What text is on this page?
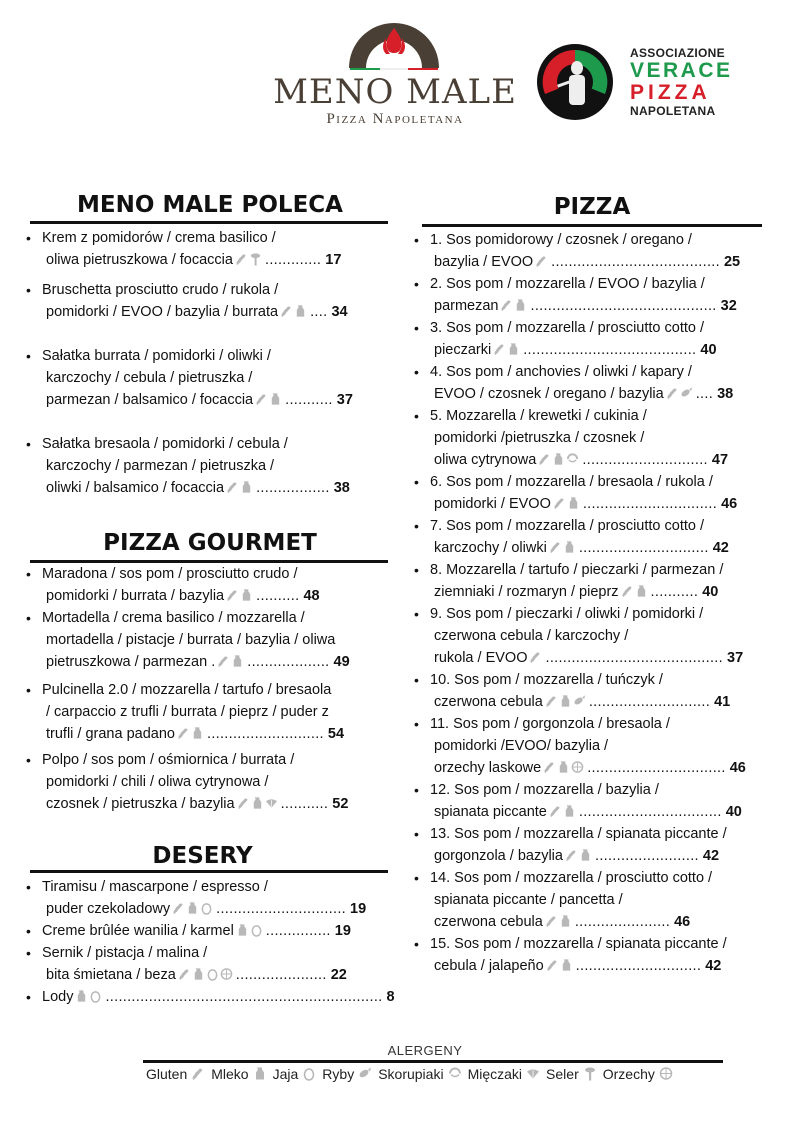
MENO MALE
Pizza Napoletana
ASSOCIAZIONE
VERACE
PIZZA
NAPOLETANA
MENO MALE POLECA
PIZZA GOURMET
DESERY
PIZZA
• Krem z pomidorów / crema basilico /
oliwa pietruszkowa / focaccia ............. 17
• Bruschetta prosciutto crudo / rukola /
pomidorki / EVOO / bazylia / burrata .... 34
• Sałatka burrata / pomidorki / oliwki /
karczochy / cebula / pietruszka /
parmezan / balsamico / focaccia ........... 37
• Sałatka bresaola / pomidorki / cebula /
karczochy / parmezan / pietruszka /
oliwki / balsamico / focaccia ................. 38
• Maradona / sos pom / prosciutto crudo /
pomidorki / burrata / bazylia .......... 48
• Mortadella / crema basilico / mozzarella /
mortadella / pistacje / burrata / bazylia / oliwa
pietruszkowa / parmezan . ................... 49
• Pulcinella 2.0 / mozzarella / tartufo / bresaola
/ carpaccio z trufli / burrata / pieprz / puder z
trufli / grana padano ........................... 54
• Polpo / sos pom / ośmiornica / burrata /
pomidorki / chili / oliwa cytrynowa /
czosnek / pietruszka / bazylia	........... 52
• Tiramisu / mascarpone / espresso /
puder czekoladowy	.............................. 19
• Creme brûlée wanilia / karmel ............... 19
• Sernik / pistacja / malina /
bita śmietana / beza	..................... 22
• Lody ................................................................ 8
• 1. Sos pomidorowy / czosnek / oregano /
bazylia / EVOO ....................................... 25
• 2. Sos pom / mozzarella / EVOO / bazylia /
parmezan ........................................... 32
• 3. Sos pom / mozzarella / prosciutto cotto /
pieczarki ........................................ 40
• 4. Sos pom / anchovies / oliwki / kapary /
EVOO / czosnek / oregano / bazylia .... 38
• 5. Mozzarella / krewetki / cukinia /
pomidorki /pietruszka / czosnek /
oliwa cytrynowa	............................. 47
• 6. Sos pom / mozzarella / bresaola / rukola /
pomidorki / EVOO ............................... 46
• 7. Sos pom / mozzarella / prosciutto cotto /
karczochy / oliwki .............................. 42
• 8. Mozzarella / tartufo / pieczarki / parmezan /
ziemniaki / rozmaryn / pieprz ........... 40
• 9. Sos pom / pieczarki / oliwki / pomidorki /
czerwona cebula / karczochy /
rukola / EVOO ......................................... 37
• 10. Sos pom / mozzarella / tuńczyk /
czerwona cebula	............................ 41
• 11. Sos pom / gorgonzola / bresaola /
pomidorki /EVOO/ bazylia /
orzechy laskowe	................................ 46
• 12. Sos pom / mozzarella / bazylia /
spianata piccante ................................. 40
• 13. Sos pom / mozzarella / spianata piccante /
gorgonzola / bazylia ........................ 42
• 14. Sos pom / mozzarella / prosciutto cotto /
spianata piccante / pancetta /
czerwona cebula ...................... 46
• 15. Sos pom / mozzarella / spianata piccante /
cebula / jalapeño ............................. 42
ALERGENY
Gluten Mleko Jaja Ryby Skorupiaki Mięczaki Seler Orzechy
